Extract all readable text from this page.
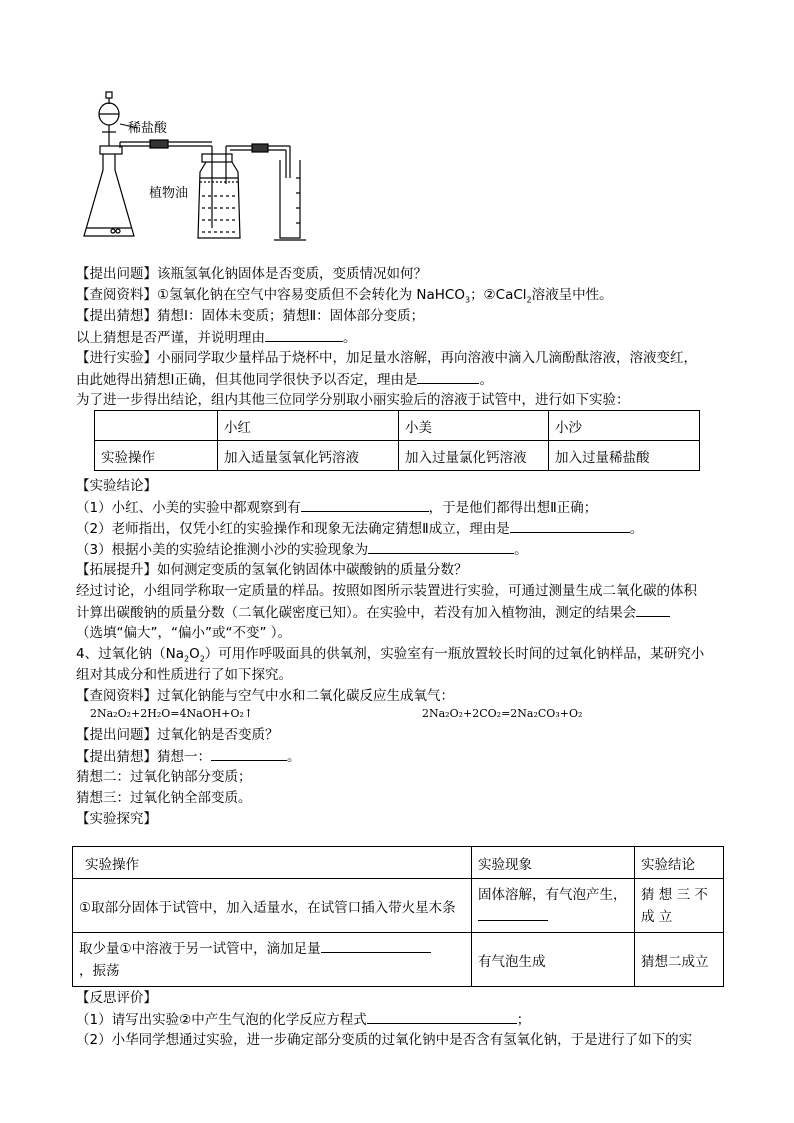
稀盐酸
植物油
【提出问题】该瓶氢氧化钠固体是否变质，变质情况如何？
【查阅资料】①氢氧化钠在空气中容易变质但不会转化为 NaHCO$_3$；②CaCl$_2$溶液呈中性。
【提出猜想】猜想Ⅰ：固体未变质；猜想Ⅱ：固体部分变质；
以上猜想是否严谨，并说明理由	。
【进行实验】小丽同学取少量样品于烧杯中，加足量水溶解，再向溶液中滴入几滴酚酞溶液，溶液变红，
由此她得出猜想Ⅰ正确，但其他同学很快予以否定，理由是	。
为了进一步得出结论，组内其他三位同学分别取小丽实验后的溶液于试管中，进行如下实验：
	小红	小美	小沙
实验操作	加入适量氢氧化钙溶液	加入过量氯化钙溶液	加入过量稀盐酸
【实验结论】
（1）小红、小美的实验中都观察到有	，于是他们都得出想Ⅱ正确；
（2）老师指出，仅凭小红的实验操作和现象无法确定猜想Ⅱ成立，理由是	。
（3）根据小美的实验结论推测小沙的实验现象为	。
【拓展提升】如何测定变质的氢氧化钠固体中碳酸钠的质量分数？
经过讨论，小组同学称取一定质量的样品。按照如图所示装置进行实验，可通过测量生成二氧化碳的体积
计算出碳酸钠的质量分数（二氧化碳密度已知）。在实验中，若没有加入植物油，测定的结果会
（选填“偏大”，“偏小”或“不变” ）。
4、过氧化钠$(Na_2O_2)$可用作呼吸面具的供氧剂，实验室有一瓶放置较长时间的过氧化钠样品，某研究小
组对其成分和性质进行了如下探究。
【查阅资料】过氧化钠能与空气中水和二氧化碳反应生成氧气：
2Na₂O₂+2H₂O=4NaOH+O₂↑	2Na₂O₂+2CO₂=2Na₂CO₃+O₂
【提出问题】过氧化钠是否变质？
【提出猜想】猜想一：	。
猜想二：过氧化钠部分变质；
猜想三：过氧化钠全部变质。
【实验探究】
实验操作	实验现象	实验结论
①取部分固体于试管中，加入适量水，在试管口插入带火星木条	固体溶解，有气泡产生，	猜 想 三 不 成 立
取少量①中溶液于另一试管中，滴加足量
，振荡	有气泡生成	猜想二成立
【反思评价】
（1）请写出实验②中产生气泡的化学反应方程式	；
（2）小华同学想通过实验，进一步确定部分变质的过氧化钠中是否含有氢氧化钠，于是进行了如下的实
